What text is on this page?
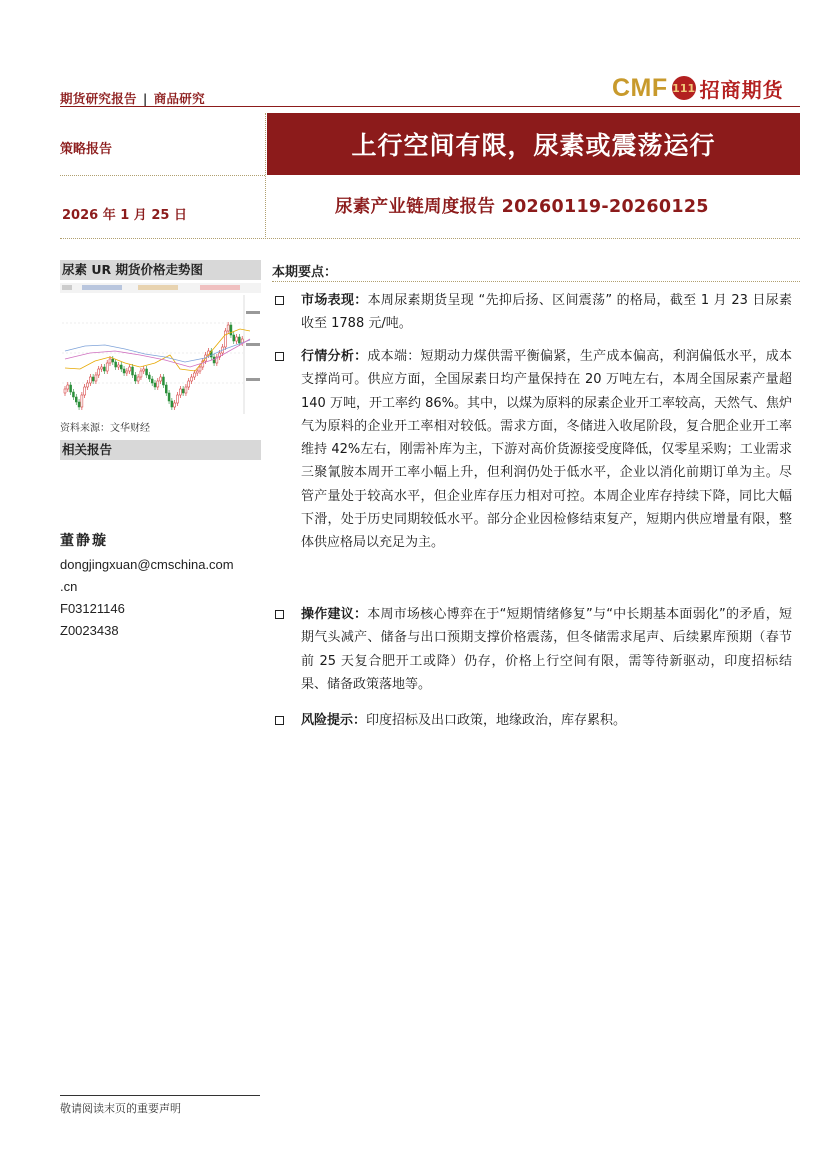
期货研究报告 | 商品研究	CMF 111 招商期货
上行空间有限，尿素或震荡运行
策略报告
2026 年 1 月 25 日	尿素产业链周度报告 20260119-20260125
尿素 UR 期货价格走势图
资料来源：文华财经
相关报告
董静璇
dongjingxuan@cmschina.com
.cn
F03121146
Z0023438
本期要点：
市场表现：本周尿素期货呈现 “先抑后扬、区间震荡” 的格局，截至 1 月 23 日尿素收至 1788 元/吨。
行情分析：成本端：短期动力煤供需平衡偏紧，生产成本偏高，利润偏低水平，成本支撑尚可。供应方面，全国尿素日均产量保持在 20 万吨左右，本周全国尿素产量超 140 万吨，开工率约 86%。其中，以煤为原料的尿素企业开工率较高，天然气、焦炉气为原料的企业开工率相对较低。需求方面，冬储进入收尾阶段，复合肥企业开工率维持 42%左右，刚需补库为主，下游对高价货源接受度降低，仅零星采购；工业需求三聚氰胺本周开工率小幅上升，但利润仍处于低水平，企业以消化前期订单为主。尽管产量处于较高水平，但企业库存压力相对可控。本周企业库存持续下降，同比大幅下滑，处于历史同期较低水平。部分企业因检修结束复产，短期内供应增量有限，整体供应格局以充足为主。
操作建议：本周市场核心博弈在于“短期情绪修复”与“中长期基本面弱化”的矛盾，短期气头减产、储备与出口预期支撑价格震荡，但冬储需求尾声、后续累库预期（春节前 25 天复合肥开工或降）仍存，价格上行空间有限，需等待新驱动，印度招标结果、储备政策落地等。
风险提示：印度招标及出口政策，地缘政治，库存累积。
敬请阅读末页的重要声明
